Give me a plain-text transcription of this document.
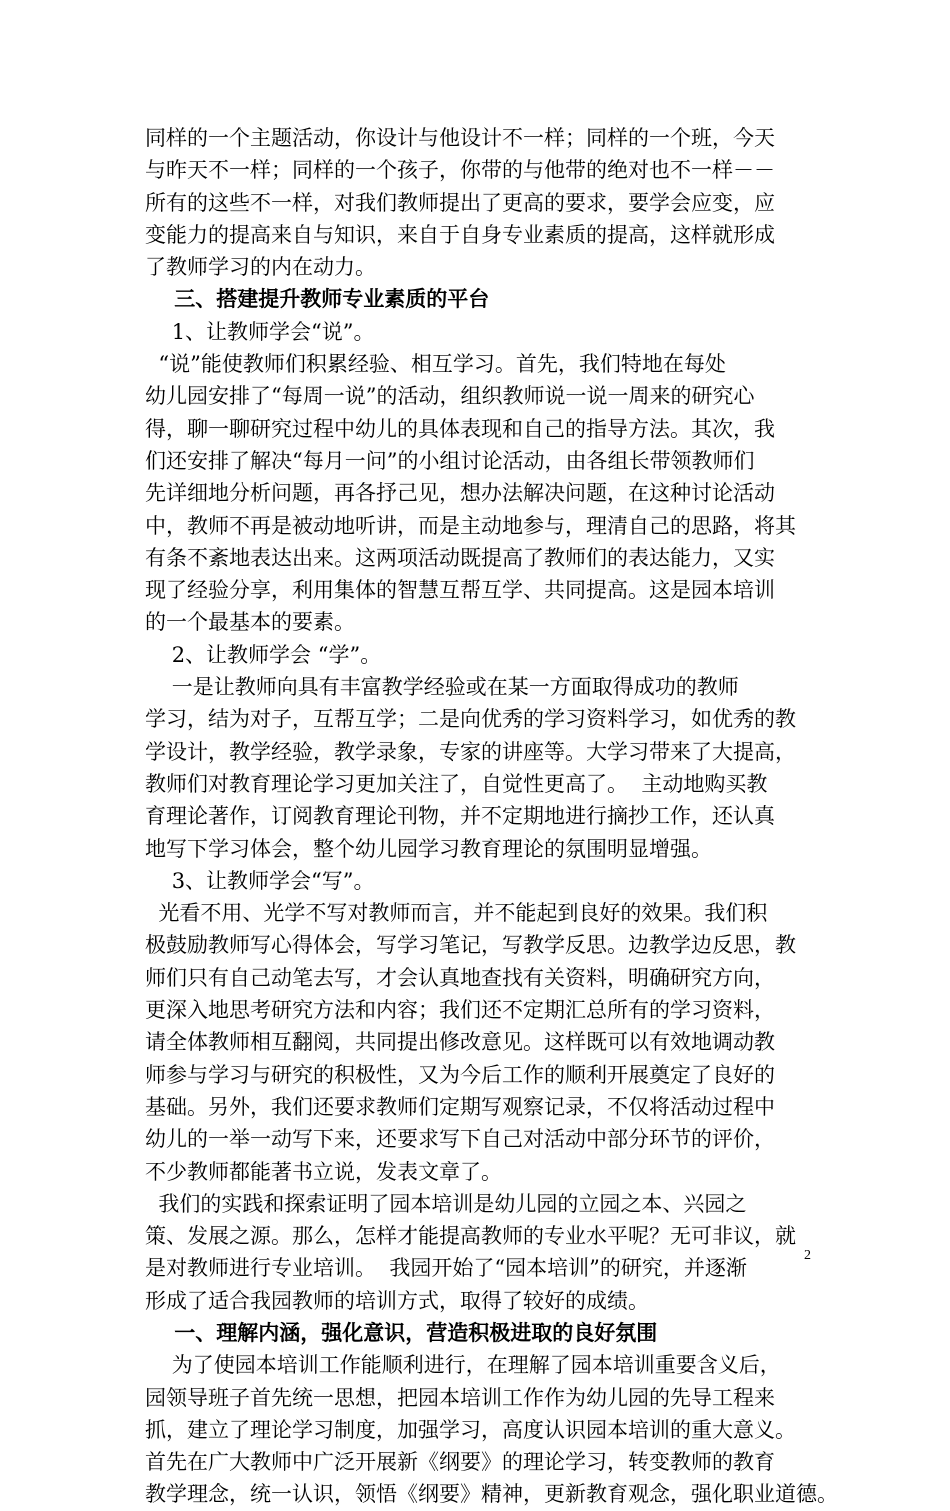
同样的一个主题活动，你设计与他设计不一样；同样的一个班，今天
与昨天不一样；同样的一个孩子，你带的与他带的绝对也不一样－－
所有的这些不一样，对我们教师提出了更高的要求，要学会应变，应
变能力的提高来自与知识，来自于自身专业素质的提高，这样就形成
了教师学习的内在动力。
三、搭建提升教师专业素质的平台
1、让教师学会“说”。
“说”能使教师们积累经验、相互学习。首先，我们特地在每处
幼儿园安排了“每周一说”的活动，组织教师说一说一周来的研究心
得，聊一聊研究过程中幼儿的具体表现和自己的指导方法。其次，我
们还安排了解决“每月一问”的小组讨论活动，由各组长带领教师们
先详细地分析问题，再各抒己见，想办法解决问题，在这种讨论活动
中，教师不再是被动地听讲，而是主动地参与，理清自己的思路，将其
有条不紊地表达出来。这两项活动既提高了教师们的表达能力，又实
现了经验分享，利用集体的智慧互帮互学、共同提高。这是园本培训
的一个最基本的要素。
2、让教师学会 “学”。
一是让教师向具有丰富教学经验或在某一方面取得成功的教师
学习，结为对子，互帮互学；二是向优秀的学习资料学习，如优秀的教
学设计，教学经验，教学录象，专家的讲座等。大学习带来了大提高，
教师们对教育理论学习更加关注了，自觉性更高了。  主动地购买教
育理论著作，订阅教育理论刊物，并不定期地进行摘抄工作，还认真
地写下学习体会，整个幼儿园学习教育理论的氛围明显增强。
3、让教师学会“写”。
光看不用、光学不写对教师而言，并不能起到良好的效果。我们积
极鼓励教师写心得体会，写学习笔记，写教学反思。边教学边反思，教
师们只有自己动笔去写，才会认真地查找有关资料，明确研究方向，
更深入地思考研究方法和内容；我们还不定期汇总所有的学习资料，
请全体教师相互翻阅，共同提出修改意见。这样既可以有效地调动教
师参与学习与研究的积极性，又为今后工作的顺利开展奠定了良好的
基础。另外，我们还要求教师们定期写观察记录，不仅将活动过程中
幼儿的一举一动写下来，还要求写下自己对活动中部分环节的评价，
不少教师都能著书立说，发表文章了。
我们的实践和探索证明了园本培训是幼儿园的立园之本、兴园之
策、发展之源。那么，怎样才能提高教师的专业水平呢？无可非议，就
是对教师进行专业培训。  我园开始了“园本培训”的研究，并逐渐
形成了适合我园教师的培训方式，取得了较好的成绩。
一、理解内涵，强化意识，营造积极进取的良好氛围
为了使园本培训工作能顺利进行，在理解了园本培训重要含义后，
园领导班子首先统一思想，把园本培训工作作为幼儿园的先导工程来
抓，建立了理论学习制度，加强学习，高度认识园本培训的重大意义。
首先在广大教师中广泛开展新《纲要》的理论学习，转变教师的教育
教学理念，统一认识，领悟《纲要》精神，更新教育观念，强化职业道德。
2
